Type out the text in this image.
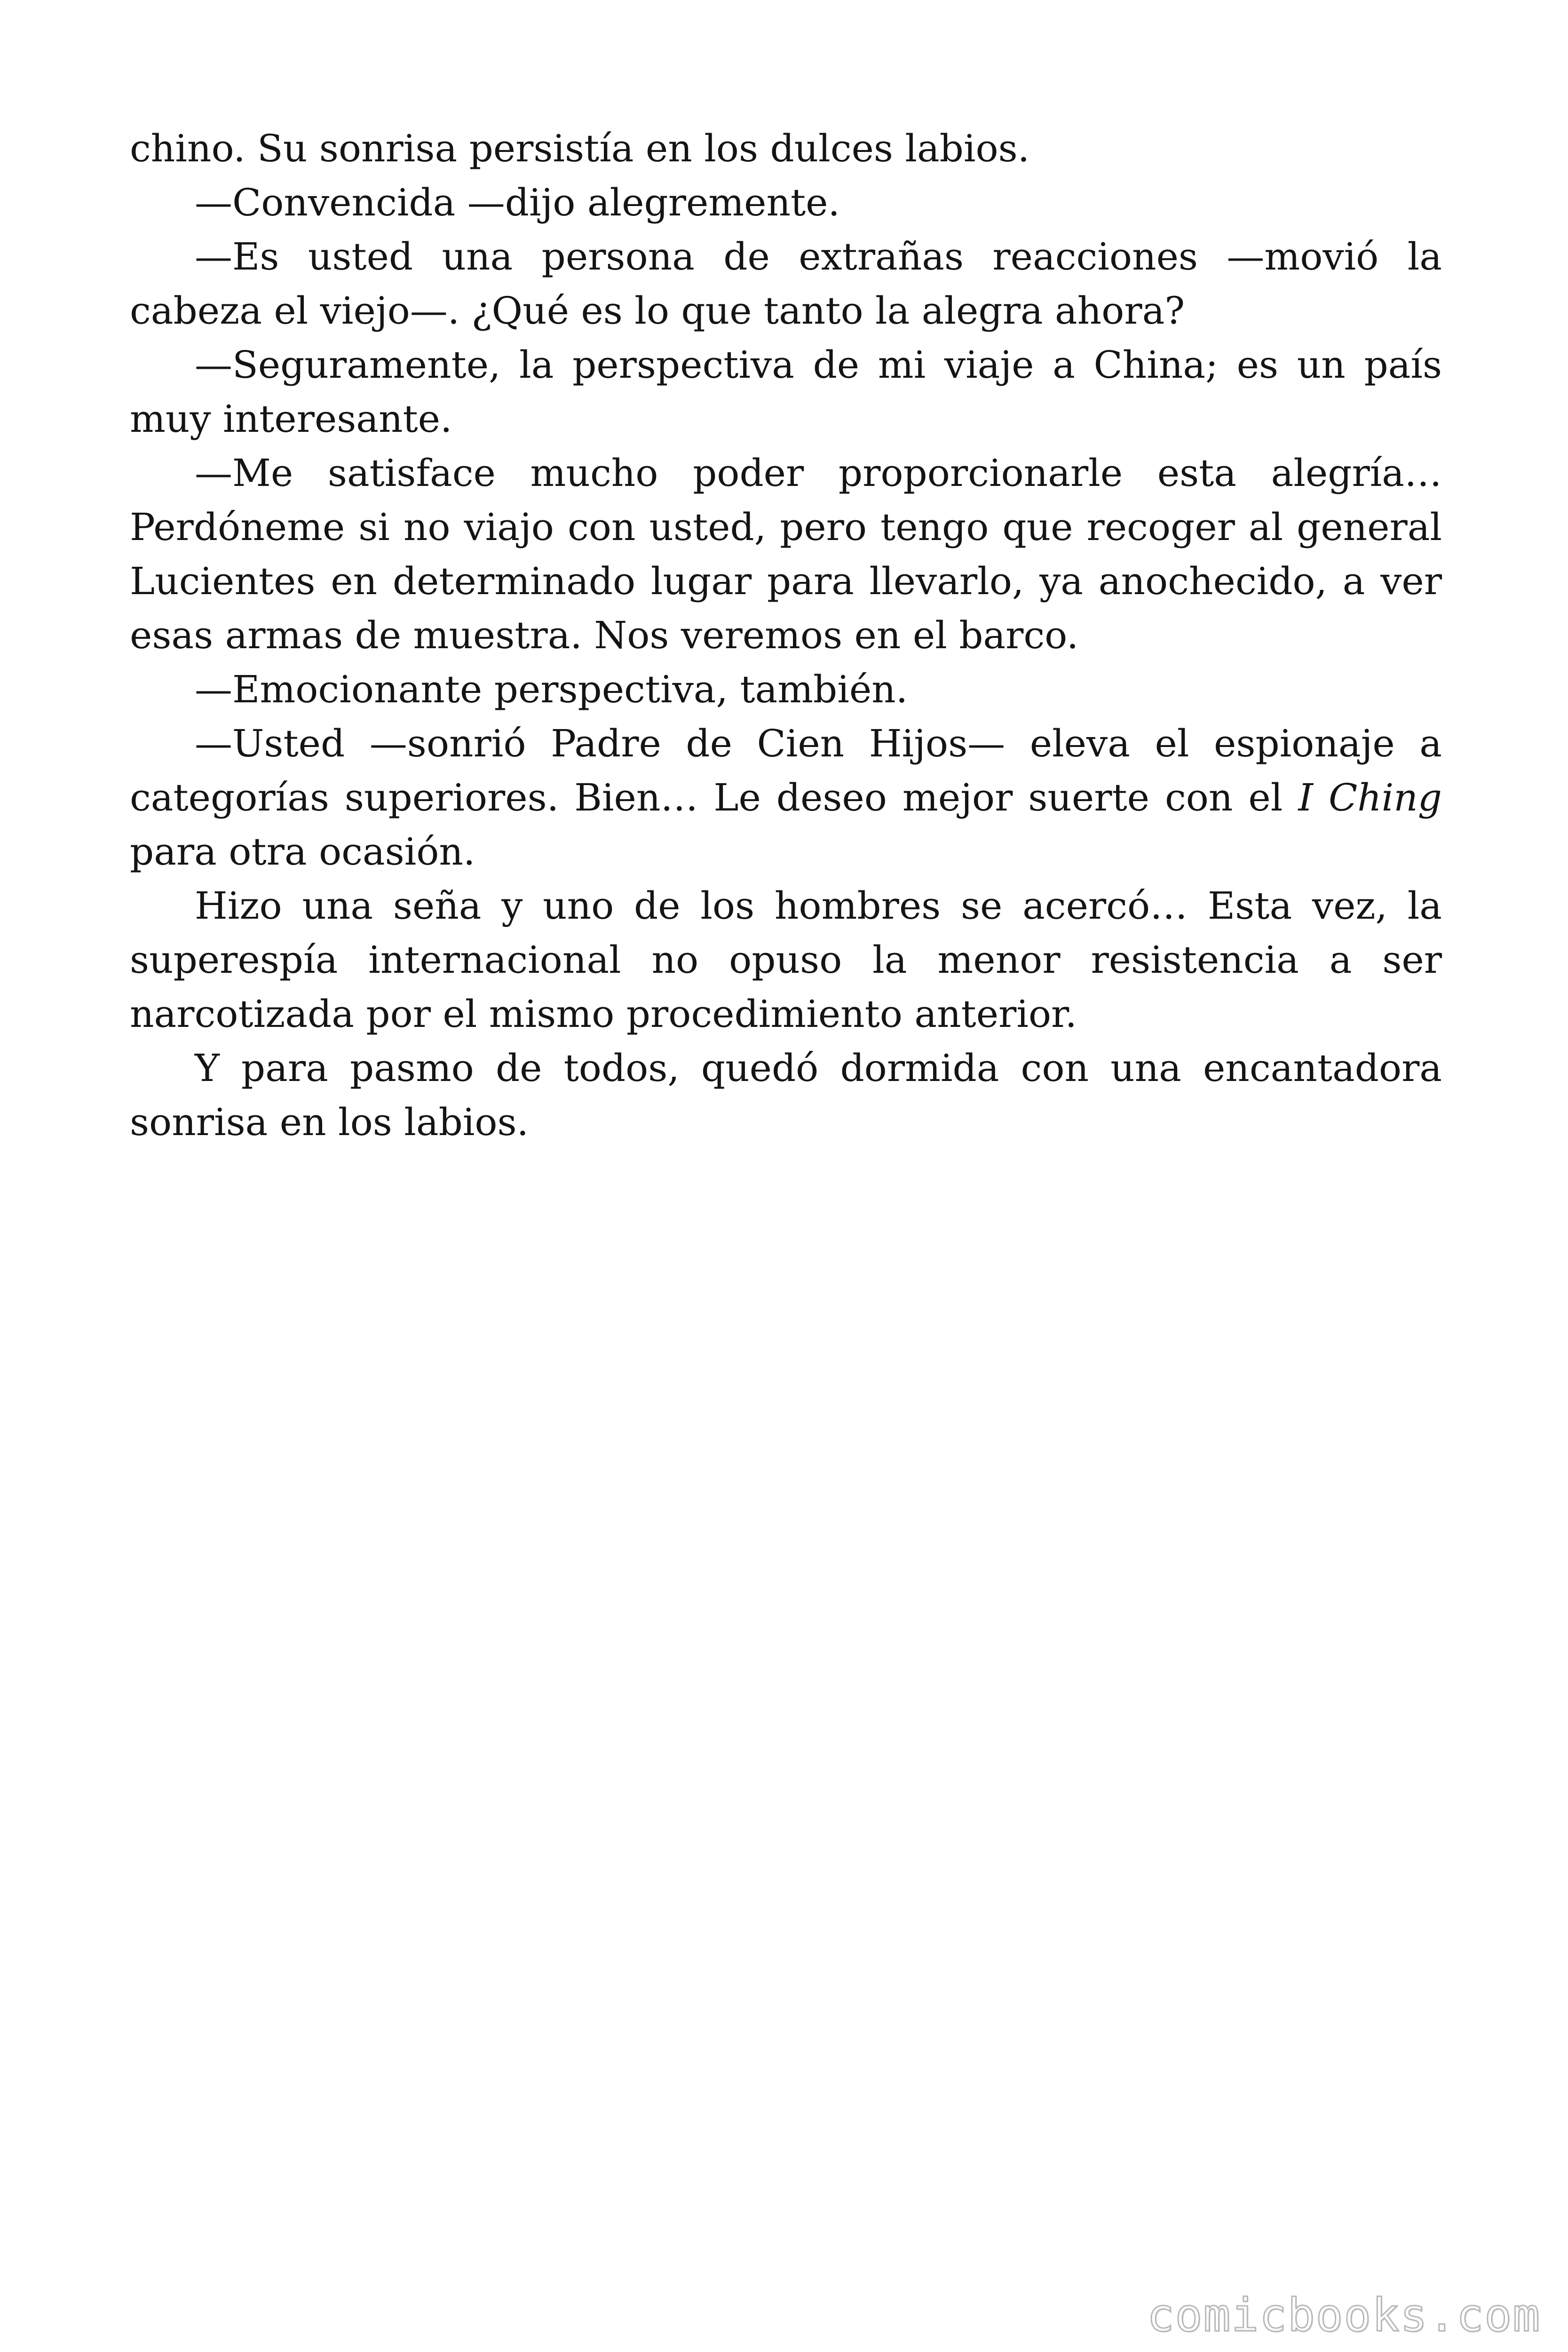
chino. Su sonrisa persistía en los dulces labios.

—Convencida —dijo alegremente.

—Es usted una persona de extrañas reacciones —movió la cabeza el viejo—. ¿Qué es lo que tanto la alegra ahora?

—Seguramente, la perspectiva de mi viaje a China; es un país muy interesante.

—Me satisface mucho poder proporcionarle esta alegría… Perdóneme si no viajo con usted, pero tengo que recoger al general Lucientes en determinado lugar para llevarlo, ya anochecido, a ver esas armas de muestra. Nos veremos en el barco.

—Emocionante perspectiva, también.

—Usted —sonrió Padre de Cien Hijos— eleva el espionaje a categorías superiores. Bien… Le deseo mejor suerte con el I Ching para otra ocasión.

Hizo una seña y uno de los hombres se acercó… Esta vez, la superespía internacional no opuso la menor resistencia a ser narcotizada por el mismo procedimiento anterior.

Y para pasmo de todos, quedó dormida con una encantadora sonrisa en los labios.

comicbooks.com
